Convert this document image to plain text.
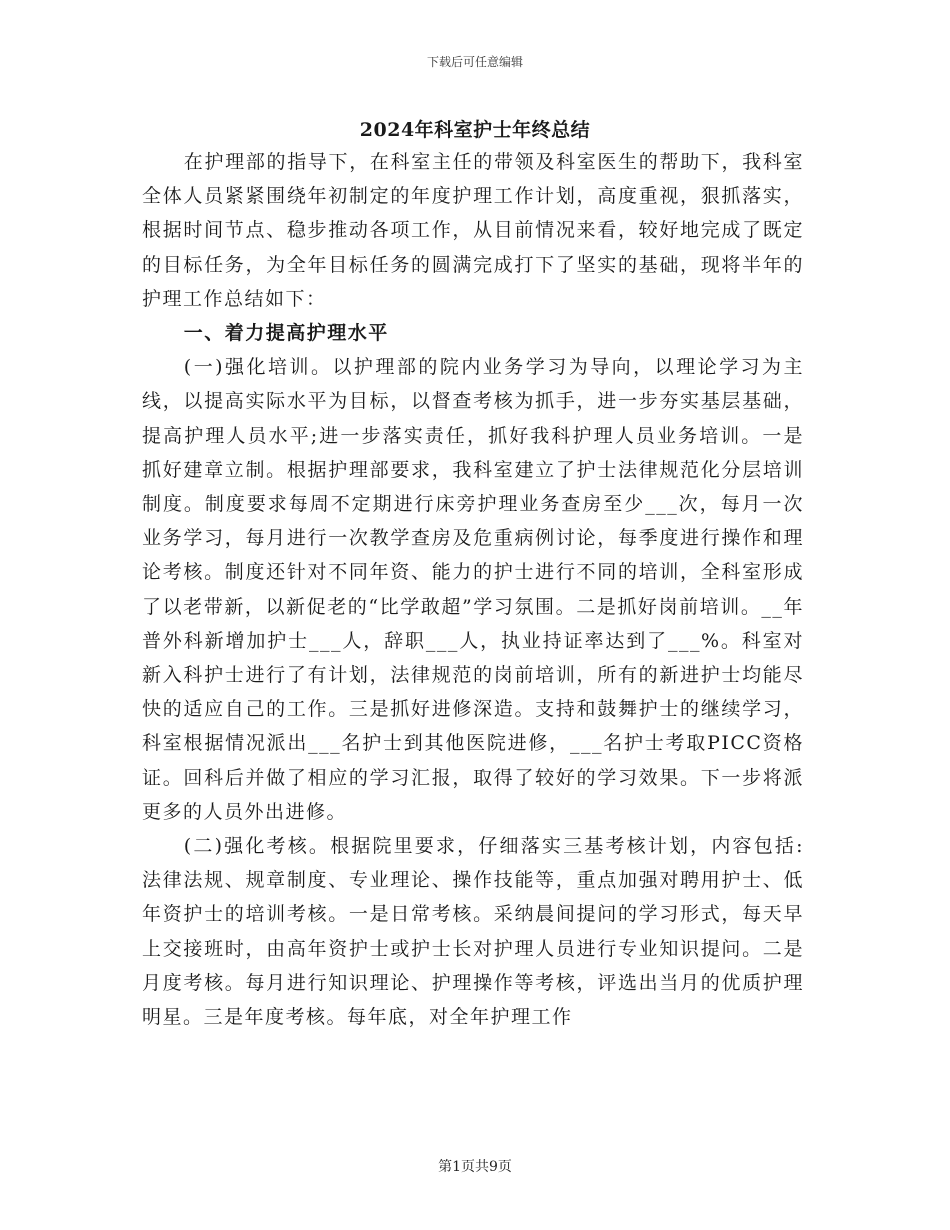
下载后可任意编辑
2024年科室护士年终总结

在护理部的指导下，在科室主任的带领及科室医生的帮助下，我科室全体人员紧紧围绕年初制定的年度护理工作计划，高度重视，狠抓落实，根据时间节点、稳步推动各项工作，从目前情况来看，较好地完成了既定的目标任务，为全年目标任务的圆满完成打下了坚实的基础，现将半年的护理工作总结如下：

一、着力提高护理水平

(一)强化培训。以护理部的院内业务学习为导向，以理论学习为主线，以提高实际水平为目标，以督查考核为抓手，进一步夯实基层基础，提高护理人员水平;进一步落实责任，抓好我科护理人员业务培训。一是抓好建章立制。根据护理部要求，我科室建立了护士法律规范化分层培训制度。制度要求每周不定期进行床旁护理业务查房至少___次，每月一次业务学习，每月进行一次教学查房及危重病例讨论，每季度进行操作和理论考核。制度还针对不同年资、能力的护士进行不同的培训，全科室形成了以老带新，以新促老的“比学敢超”学习氛围。二是抓好岗前培训。__年普外科新增加护士___人，辞职___人，执业持证率达到了___%。科室对新入科护士进行了有计划，法律规范的岗前培训，所有的新进护士均能尽快的适应自己的工作。三是抓好进修深造。支持和鼓舞护士的继续学习，科室根据情况派出___名护士到其他医院进修，___名护士考取PICC资格证。回科后并做了相应的学习汇报，取得了较好的学习效果。下一步将派更多的人员外出进修。

(二)强化考核。根据院里要求，仔细落实三基考核计划，内容包括:法律法规、规章制度、专业理论、操作技能等，重点加强对聘用护士、低年资护士的培训考核。一是日常考核。采纳晨间提问的学习形式，每天早上交接班时，由高年资护士或护士长对护理人员进行专业知识提问。二是月度考核。每月进行知识理论、护理操作等考核，评选出当月的优质护理明星。三是年度考核。每年底，对全年护理工作

第1页共9页
